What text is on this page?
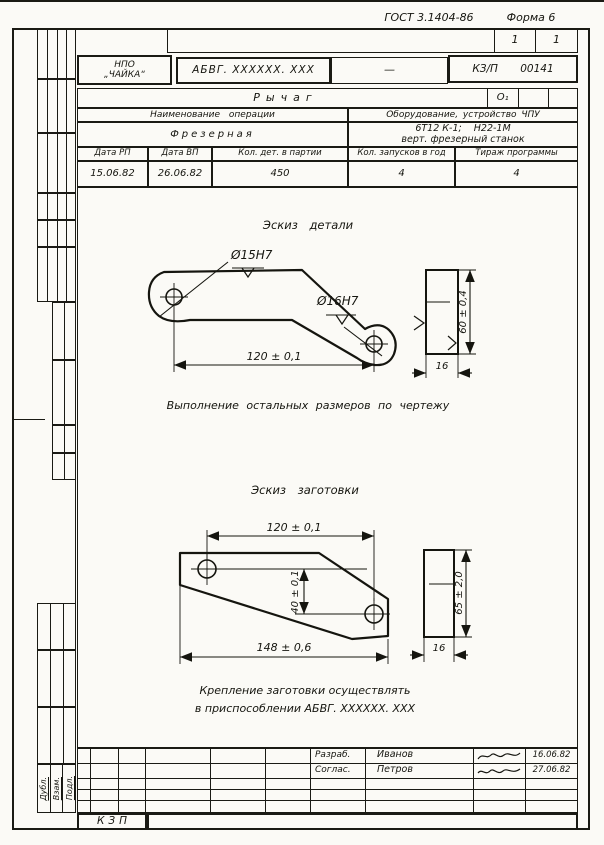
ГОСТ 3.1404-86	Форма 6
Дубл. Взам. Подл.
1	1
НПО
„ЧАЙКА“	АБВГ. XXXXXX. XXX	—	КЗ/П 00141
Рычаг	О₁
Наименование операции	Оборудование, устройство ЧПУ
Фрезерная
6Т12 К-1;    Н22-1М
верт. фрезерный станок
Дата РП	Дата ВП	Кол. дет. в партии	Кол. запусков в год	Тираж программы
15.06.82	26.06.82	450	4	4
Эскиз детали
Ø15Н7
Ø16Н7
120 ± 0,1
60 ± 0,4
16
Выполнение остальных размеров по чертежу
Эскиз заготовки
120 ± 0,1
40 ± 0,1
148 ± 0,6
65 ± 2,0
16
Крепление заготовки осуществлять
в приспособлении АБВГ. XXXXXX. XXX
Разраб.	Иванов	16.06.82
Соглас.	Петров	27.06.82
КЗП
